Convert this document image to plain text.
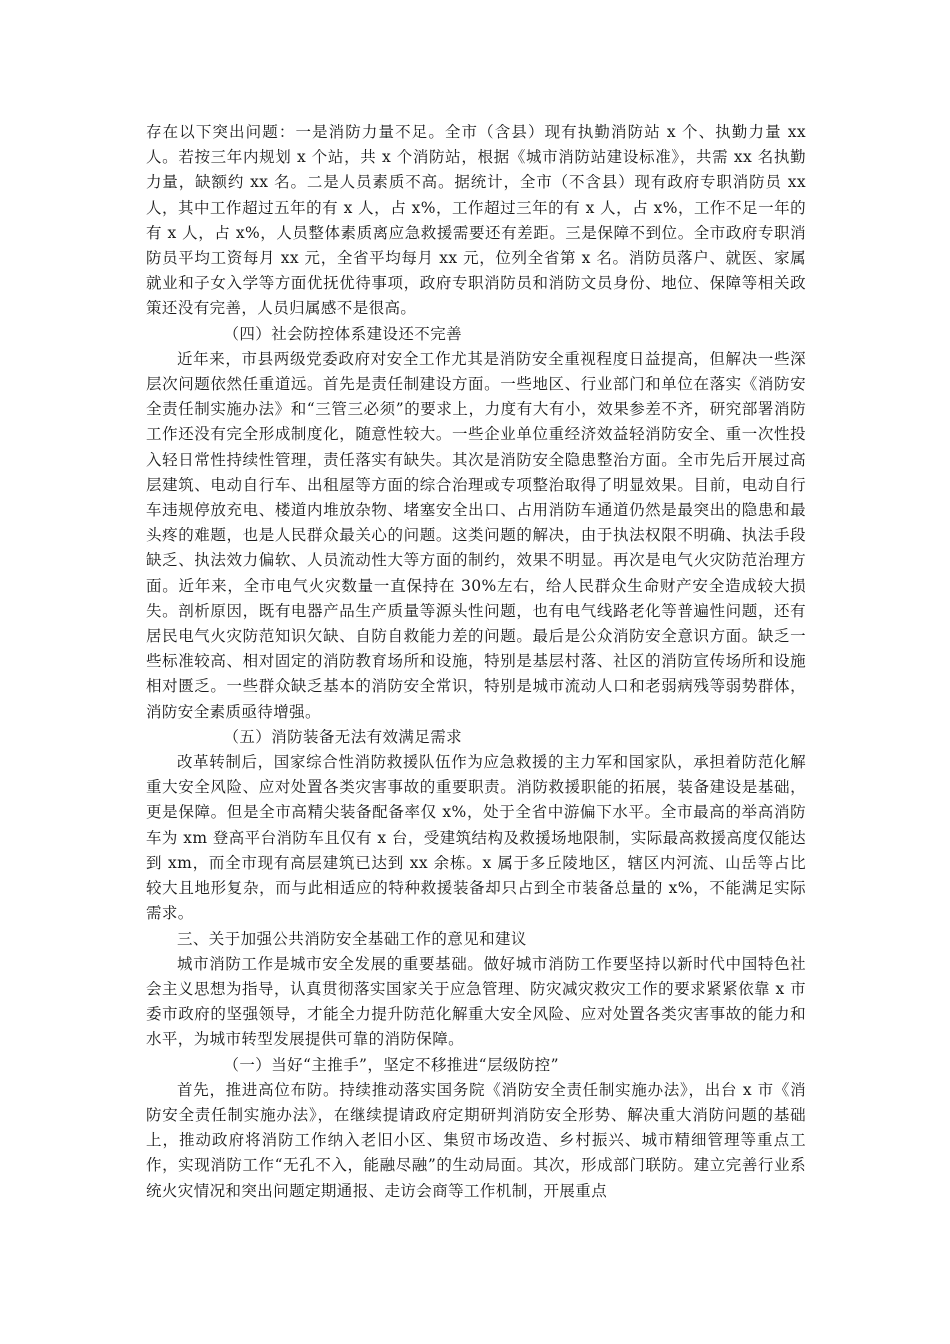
存在以下突出问题：一是消防力量不足。全市（含县）现有执勤消防站 x 个、执勤力量 xx 人。若按三年内规划 x 个站，共 x 个消防站，根据《城市消防站建设标准》，共需 xx 名执勤力量，缺额约 xx 名。二是人员素质不高。据统计，全市（不含县）现有政府专职消防员 xx 人，其中工作超过五年的有 x 人，占 x%，工作超过三年的有 x 人，占 x%，工作不足一年的有 x 人，占 x%，人员整体素质离应急救援需要还有差距。三是保障不到位。全市政府专职消防员平均工资每月 xx 元，全省平均每月 xx 元，位列全省第 x 名。消防员落户、就医、家属就业和子女入学等方面优抚优待事项，政府专职消防员和消防文员身份、地位、保障等相关政策还没有完善，人员归属感不是很高。

（四）社会防控体系建设还不完善

近年来，市县两级党委政府对安全工作尤其是消防安全重视程度日益提高，但解决一些深层次问题依然任重道远。首先是责任制建设方面。一些地区、行业部门和单位在落实《消防安全责任制实施办法》和“三管三必须”的要求上，力度有大有小，效果参差不齐，研究部署消防工作还没有完全形成制度化，随意性较大。一些企业单位重经济效益轻消防安全、重一次性投入轻日常性持续性管理，责任落实有缺失。其次是消防安全隐患整治方面。全市先后开展过高层建筑、电动自行车、出租屋等方面的综合治理或专项整治取得了明显效果。目前，电动自行车违规停放充电、楼道内堆放杂物、堵塞安全出口、占用消防车通道仍然是最突出的隐患和最头疼的难题，也是人民群众最关心的问题。这类问题的解决，由于执法权限不明确、执法手段缺乏、执法效力偏软、人员流动性大等方面的制约，效果不明显。再次是电气火灾防范治理方面。近年来，全市电气火灾数量一直保持在 30%左右，给人民群众生命财产安全造成较大损失。剖析原因，既有电器产品生产质量等源头性问题，也有电气线路老化等普遍性问题，还有居民电气火灾防范知识欠缺、自防自救能力差的问题。最后是公众消防安全意识方面。缺乏一些标准较高、相对固定的消防教育场所和设施，特别是基层村落、社区的消防宣传场所和设施相对匮乏。一些群众缺乏基本的消防安全常识，特别是城市流动人口和老弱病残等弱势群体，消防安全素质亟待增强。

（五）消防装备无法有效满足需求

改革转制后，国家综合性消防救援队伍作为应急救援的主力军和国家队，承担着防范化解重大安全风险、应对处置各类灾害事故的重要职责。消防救援职能的拓展，装备建设是基础，更是保障。但是全市高精尖装备配备率仅 x%，处于全省中游偏下水平。全市最高的举高消防车为 xm 登高平台消防车且仅有 x 台，受建筑结构及救援场地限制，实际最高救援高度仅能达到 xm，而全市现有高层建筑已达到 xx 余栋。x 属于多丘陵地区，辖区内河流、山岳等占比较大且地形复杂，而与此相适应的特种救援装备却只占到全市装备总量的 x%，不能满足实际需求。

三、关于加强公共消防安全基础工作的意见和建议

城市消防工作是城市安全发展的重要基础。做好城市消防工作要坚持以新时代中国特色社会主义思想为指导，认真贯彻落实国家关于应急管理、防灾减灾救灾工作的要求紧紧依靠 x 市委市政府的坚强领导，才能全力提升防范化解重大安全风险、应对处置各类灾害事故的能力和水平，为城市转型发展提供可靠的消防保障。

（一）当好“主推手”，坚定不移推进“层级防控”

首先，推进高位布防。持续推动落实国务院《消防安全责任制实施办法》，出台 x 市《消防安全责任制实施办法》，在继续提请政府定期研判消防安全形势、解决重大消防问题的基础上，推动政府将消防工作纳入老旧小区、集贸市场改造、乡村振兴、城市精细管理等重点工作，实现消防工作“无孔不入，能融尽融”的生动局面。其次，形成部门联防。建立完善行业系统火灾情况和突出问题定期通报、走访会商等工作机制，开展重点
